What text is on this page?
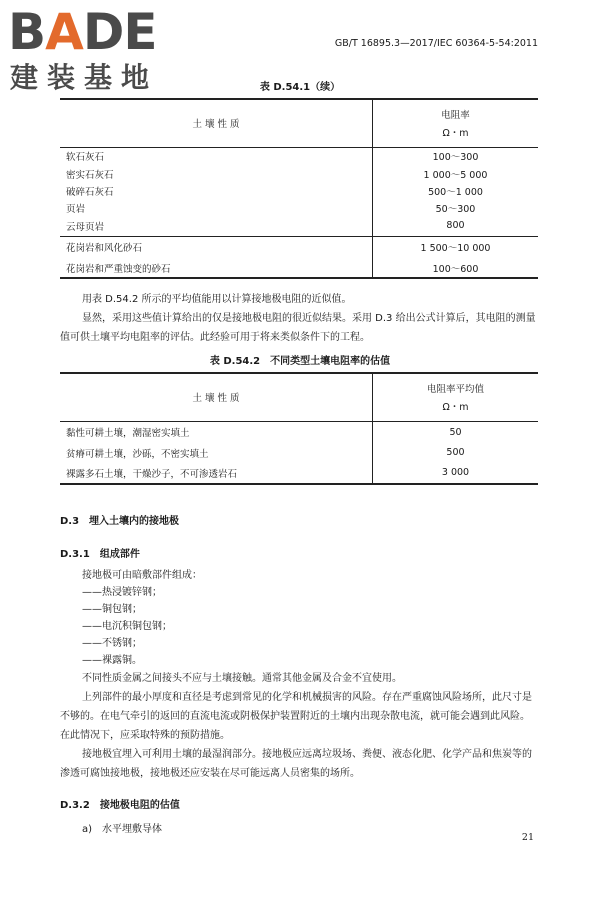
BADE
建装基地
GB/T 16895.3—2017/IEC 60364-5-54:2011
表 D.54.1（续）
土 壤 性 质	电阻率
Ω・m

软石灰石	100～300
密实石灰石	1 000～5 000
破碎石灰石	500～1 000
页岩	50～300
云母页岩	800
花岗岩和风化砂石	1 500～10 000
花岗岩和严重蚀变的砂石	100～600

用表 D.54.2 所示的平均值能用以计算接地极电阻的近似值。

显然，采用这些值计算给出的仅是接地极电阻的很近似结果。采用 D.3 给出公式计算后，其电阻的测量值可供土壤平均电阻率的评估。此经验可用于将来类似条件下的工程。

表 D.54.2　不同类型土壤电阻率的估值
土 壤 性 质	电阻率平均值
Ω・m

黏性可耕土壤，潮湿密实填土	50
贫瘠可耕土壤，沙砾，不密实填土	500
裸露多石土壤，干燥沙子，不可渗透岩石	3 000
D.3　埋入土壤内的接地极
D.3.1　组成部件
接地极可由暗敷部件组成：
——热浸镀锌钢；
——铜包钢；
——电沉积铜包钢；
——不锈钢；
——裸露铜。

不同性质金属之间接头不应与土壤接触。通常其他金属及合金不宜使用。

上列部件的最小厚度和直径是考虑到常见的化学和机械损害的风险。存在严重腐蚀风险场所，此尺寸是不够的。在电气牵引的返回的直流电流或阴极保护装置附近的土壤内出现杂散电流，就可能会遇到此风险。在此情况下，应采取特殊的预防措施。

接地极宜埋入可利用土壤的最湿润部分。接地极应远离垃圾场、粪便、液态化肥、化学产品和焦炭等的渗透可腐蚀接地极，接地极还应安装在尽可能远离人员密集的场所。

D.3.2　接地极电阻的估值
a)　水平埋敷导体
21
